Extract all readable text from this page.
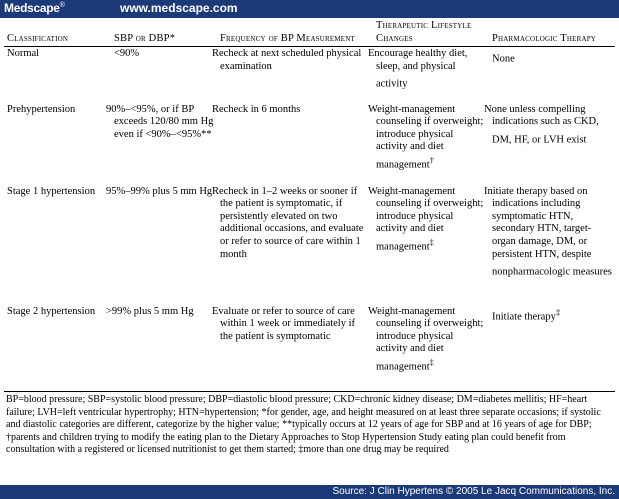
Medscape®	www.medscape.com
Classification	SBP or DBP*	Frequency of BP Measurement	Therapeutic Lifestyle Changes	Pharmacologic Therapy
Normal	<90%	Recheck at next scheduled physical examination	Encourage healthy diet, sleep, and physical activity	None
Prehypertension	90%–<95%, or if BP exceeds 120/80 mm Hg even if <90%–<95%**	Recheck in 6 months	Weight-management counseling if overweight; introduce physical activity and diet management†	None unless compelling indications such as CKD, DM, HF, or LVH exist
Stage 1 hypertension	95%–99% plus 5 mm Hg	Recheck in 1–2 weeks or sooner if the patient is symptomatic, if persistently elevated on two additional occasions, and evaluate or refer to source of care within 1 month	Weight-management counseling if overweight; introduce physical activity and diet management‡	Initiate therapy based on indications including symptomatic HTN, secondary HTN, target-organ damage, DM, or persistent HTN, despite nonpharmacologic measures
Stage 2 hypertension	>99% plus 5 mm Hg	Evaluate or refer to source of care within 1 week or immediately if the patient is symptomatic	Weight-management counseling if overweight; introduce physical activity and diet management‡	Initiate therapy‡
BP=blood pressure; SBP=systolic blood pressure; DBP=diastolic blood pressure; CKD=chronic kidney disease; DM=diabetes mellitis; HF=heart failure; LVH=left ventricular hypertrophy; HTN=hypertension; *for gender, age, and height measured on at least three separate occasions; if systolic and diastolic categories are different, categorize by the higher value; **typically occurs at 12 years of age for SBP and at 16 years of age for DBP; †parents and children trying to modify the eating plan to the Dietary Approaches to Stop Hypertension Study eating plan could benefit from consultation with a registered or licensed nutritionist to get them started; ‡more than one drug may be required
Source: J Clin Hypertens © 2005 Le Jacq Communications, Inc.
